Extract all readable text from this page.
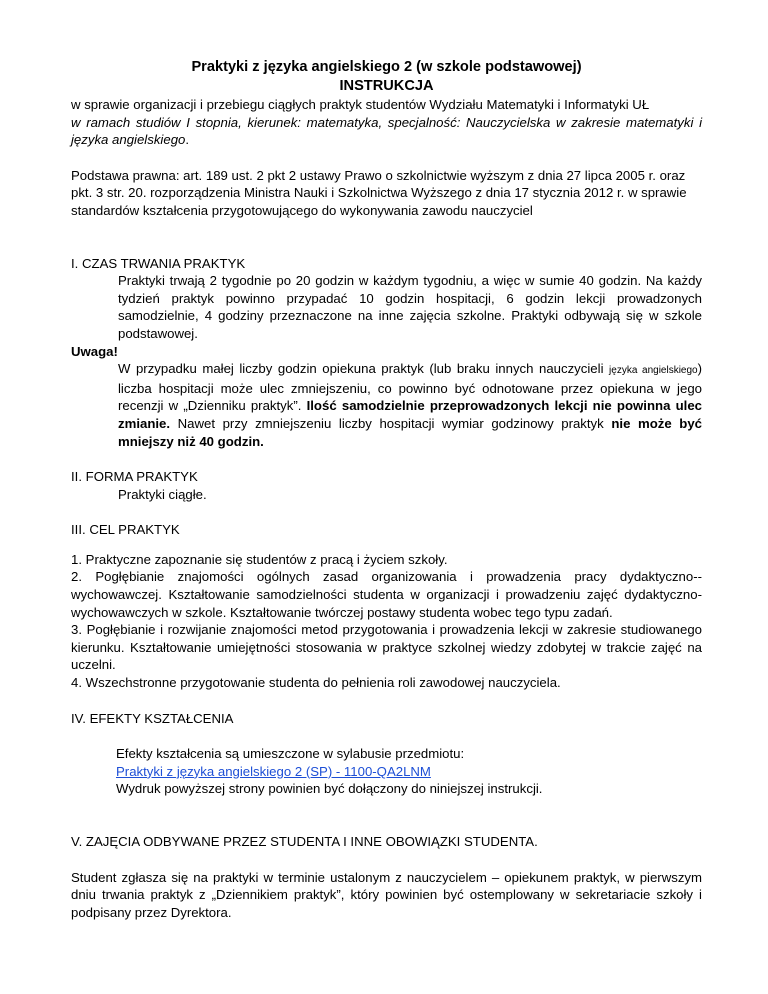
Praktyki z języka angielskiego 2 (w szkole podstawowej)

INSTRUKCJA

w sprawie organizacji i przebiegu ciągłych praktyk studentów Wydziału Matematyki i Informatyki UŁ

w ramach studiów I stopnia, kierunek: matematyka, specjalność: Nauczycielska w zakresie matematyki i języka angielskiego.

Podstawa prawna: art. 189 ust. 2 pkt 2 ustawy Prawo o szkolnictwie wyższym z dnia 27 lipca 2005 r. oraz pkt. 3 str. 20. rozporządzenia Ministra Nauki i Szkolnictwa Wyższego z dnia 17 stycznia 2012 r. w sprawie standardów kształcenia przygotowującego do wykonywania zawodu nauczyciel

I. CZAS TRWANIA PRAKTYK

Praktyki trwają 2 tygodnie po 20 godzin w każdym tygodniu, a więc w sumie 40 godzin. Na każdy tydzień praktyk powinno przypadać 10 godzin hospitacji, 6 godzin lekcji prowadzonych samodzielnie, 4 godziny przeznaczone na inne zajęcia szkolne. Praktyki odbywają się w szkole podstawowej.

Uwaga!

W przypadku małej liczby godzin opiekuna praktyk (lub braku innych nauczycieli języka angielskiego) liczba hospitacji może ulec zmniejszeniu, co powinno być odnotowane przez opiekuna w jego recenzji w „Dzienniku praktyk”. Ilość samodzielnie przeprowadzonych lekcji nie powinna ulec zmianie. Nawet przy zmniejszeniu liczby hospitacji wymiar godzinowy praktyk nie może być mniejszy niż 40 godzin.

II. FORMA PRAKTYK

Praktyki ciągłe.

III. CEL PRAKTYK

1. Praktyczne zapoznanie się studentów z pracą i życiem szkoły.

2. Pogłębianie znajomości ogólnych zasad organizowania i prowadzenia pracy dydaktyczno--wychowawczej. Kształtowanie samodzielności studenta w organizacji i prowadzeniu zajęć dydaktyczno-wychowawczych w szkole. Kształtowanie twórczej postawy studenta wobec tego typu zadań.

3. Pogłębianie i rozwijanie znajomości metod przygotowania i prowadzenia lekcji w zakresie studiowanego kierunku. Kształtowanie umiejętności stosowania w praktyce szkolnej wiedzy zdobytej w trakcie zajęć na uczelni.

4. Wszechstronne przygotowanie studenta do pełnienia roli zawodowej nauczyciela.

IV. EFEKTY KSZTAŁCENIA

Efekty kształcenia są umieszczone w sylabusie przedmiotu:

Praktyki z języka angielskiego 2 (SP) - 1100-QA2LNM

Wydruk powyższej strony powinien być dołączony do niniejszej instrukcji.

V. ZAJĘCIA ODBYWANE PRZEZ STUDENTA I INNE OBOWIĄZKI STUDENTA.

Student zgłasza się na praktyki w terminie ustalonym z nauczycielem – opiekunem praktyk, w pierwszym dniu trwania praktyk z „Dziennikiem praktyk”, który powinien być ostemplowany w sekretariacie szkoły i podpisany przez Dyrektora.
